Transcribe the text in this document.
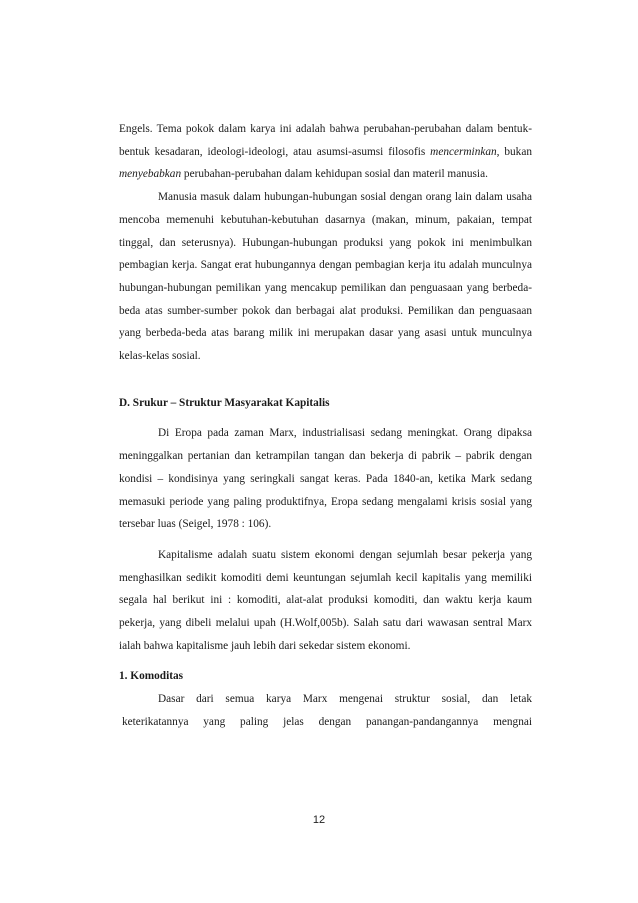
Engels. Tema pokok dalam karya ini adalah bahwa perubahan-perubahan dalam bentuk-bentuk kesadaran, ideologi-ideologi, atau asumsi-asumsi filosofis mencerminkan, bukan menyebabkan perubahan-perubahan dalam kehidupan sosial dan materil manusia.

Manusia masuk dalam hubungan-hubungan sosial dengan orang lain dalam usaha mencoba memenuhi kebutuhan-kebutuhan dasarnya (makan, minum, pakaian, tempat tinggal, dan seterusnya). Hubungan-hubungan produksi yang pokok ini menimbulkan pembagian kerja. Sangat erat hubungannya dengan pembagian kerja itu adalah munculnya hubungan-hubungan pemilikan yang mencakup pemilikan dan penguasaan yang berbeda-beda atas sumber-sumber pokok dan berbagai alat produksi. Pemilikan dan penguasaan yang berbeda-beda atas barang milik ini merupakan dasar yang asasi untuk munculnya kelas-kelas sosial.

D. Srukur – Struktur Masyarakat Kapitalis

Di Eropa pada zaman Marx, industrialisasi sedang meningkat. Orang dipaksa meninggalkan pertanian dan ketrampilan tangan dan bekerja di pabrik – pabrik dengan kondisi – kondisinya yang seringkali sangat keras. Pada 1840-an, ketika Mark sedang memasuki periode yang paling produktifnya, Eropa sedang mengalami krisis sosial yang tersebar luas (Seigel, 1978 : 106).

Kapitalisme adalah suatu sistem ekonomi dengan sejumlah besar pekerja yang menghasilkan sedikit komoditi demi keuntungan sejumlah kecil kapitalis yang memiliki segala hal berikut ini : komoditi, alat-alat produksi komoditi, dan waktu kerja kaum pekerja, yang dibeli melalui upah (H.Wolf,005b). Salah satu dari wawasan sentral Marx ialah bahwa kapitalisme jauh lebih dari sekedar sistem ekonomi.

1. Komoditas

Dasar dari semua karya Marx mengenai struktur sosial, dan letak

keterikatannya yang paling jelas dengan panangan-pandangannya mengnai

12
